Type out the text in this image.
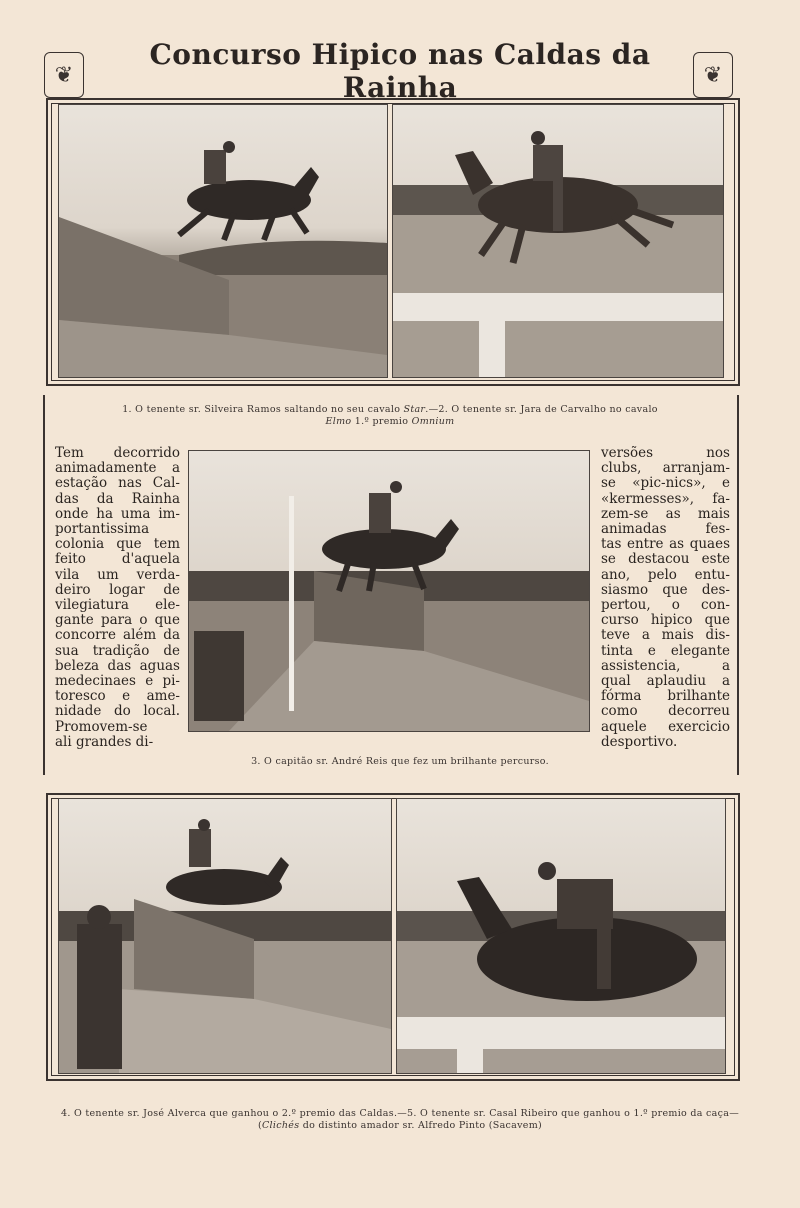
❦
Concurso Hipico nas Caldas da Rainha	❦
1. O tenente sr. Silveira Ramos saltando no seu cavalo Star.—2. O tenente sr. Jara de Carvalho no cavalo
Elmo 1.º premio Omnium

Tem decorrido

animadamente a

estação nas Cal-

das da Rainha

onde ha uma im-

portantissima

colonia que tem

feito d'aquela

vila um verda-

deiro logar de

vilegiatura ele-

gante para o que

concorre além da

sua tradição de

beleza das aguas

medecinaes e pi-

toresco e ame-

nidade do local.

Promovem-se

ali grandes di-

versões nos

clubs, arranjam-

se «pic-nics», e

«kermesses», fa-

zem-se as mais

animadas fes-

tas entre as quaes

se destacou este

ano, pelo entu-

siasmo que des-

pertou, o con-

curso hipico que

teve a mais dis-

tinta e elegante

assistencia, a

qual aplaudiu a

fórma brilhante

como decorreu

aquele exercicio

desportivo.

3. O capitão sr. André Reis que fez um brilhante percurso.
4. O tenente sr. José Alverca que ganhou o 2.º premio das Caldas.—5. O tenente sr. Casal Ribeiro que ganhou o 1.º premio da caça—(Clichés do distinto amador sr. Alfredo Pinto (Sacavem)
